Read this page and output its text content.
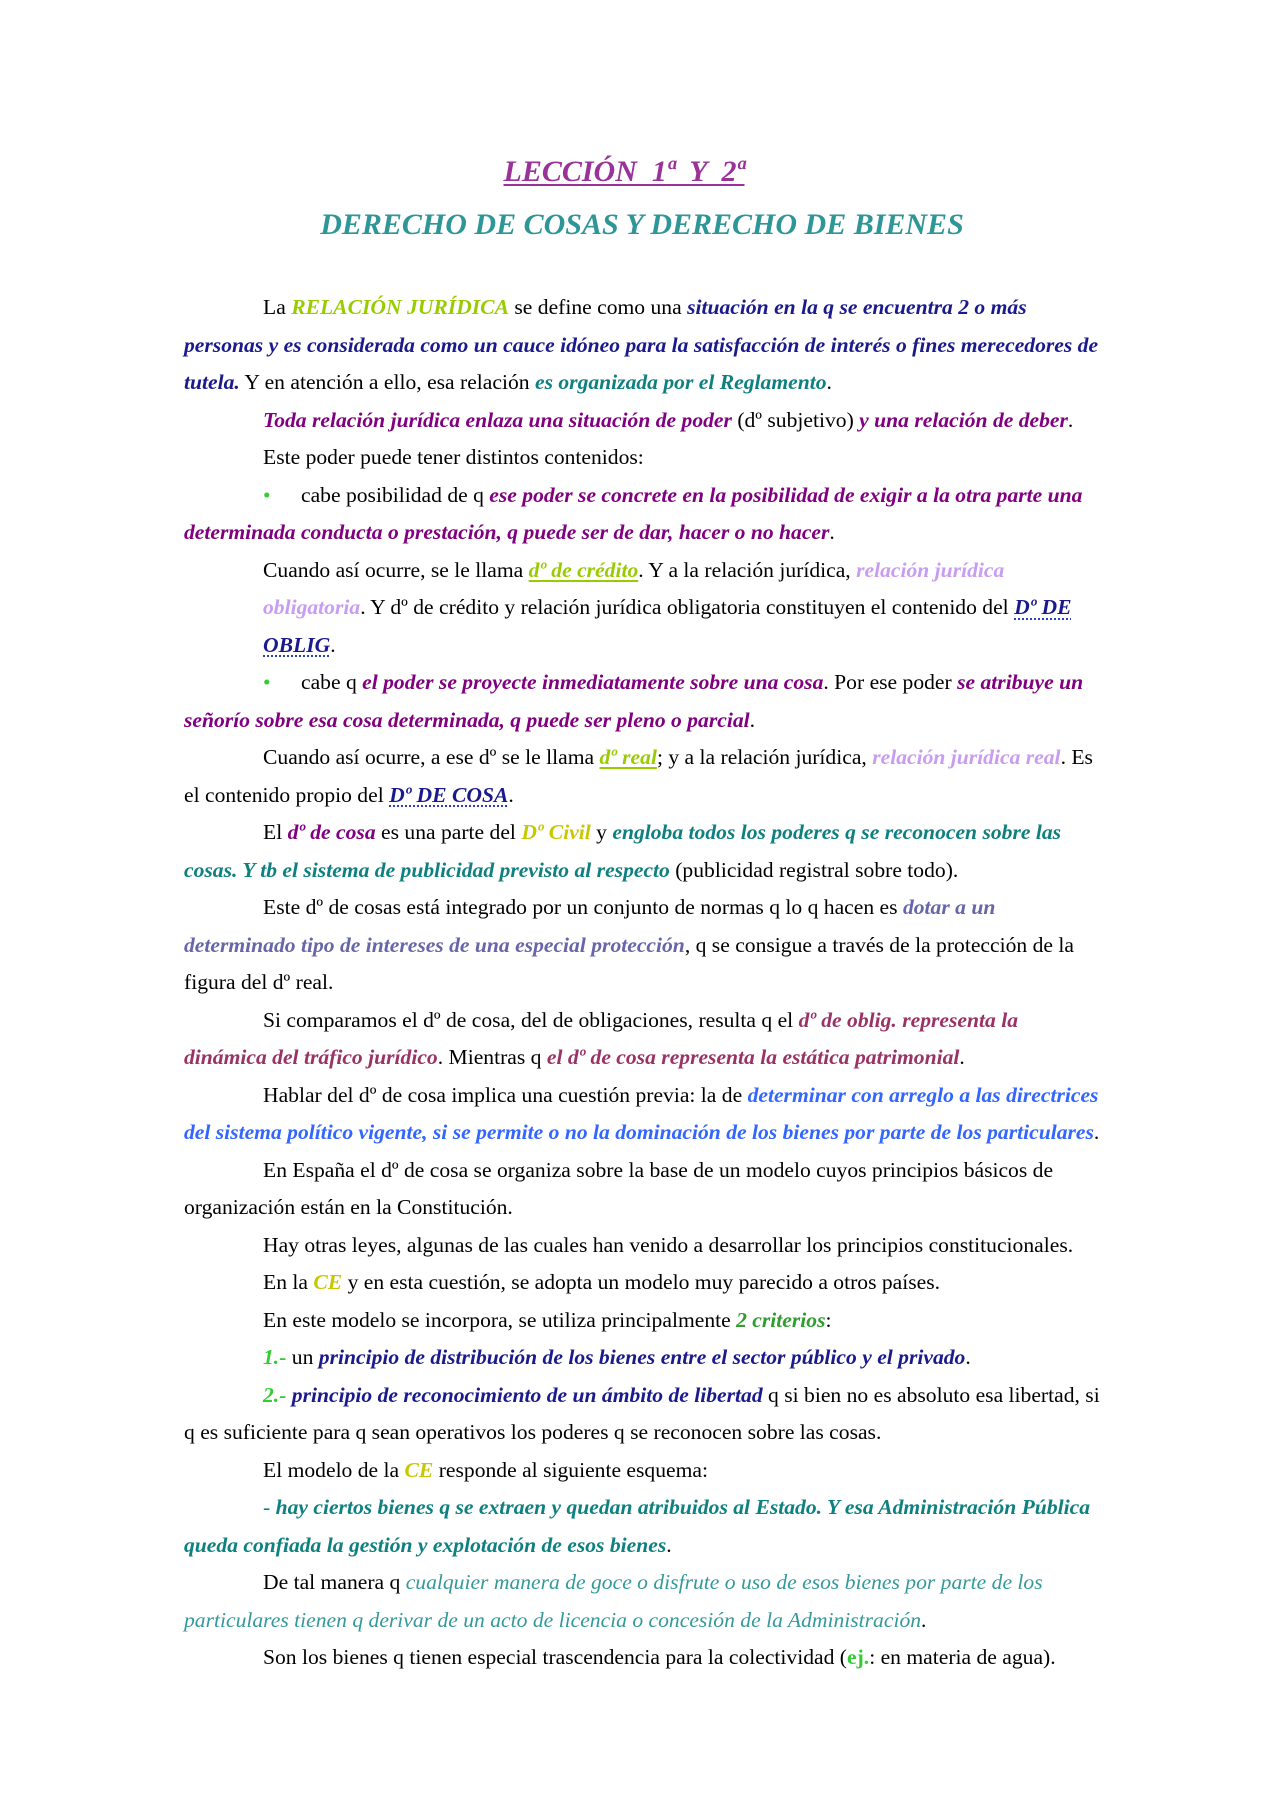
LECCIÓN  1ª  Y  2ª
DERECHO DE COSAS Y DERECHO DE BIENES

La RELACIÓN JURÍDICA se define como una situación en la q se encuentra 2 o más personas y es considerada como un cauce idóneo para la satisfacción de interés o fines merecedores de tutela. Y en atención a ello, esa relación es organizada por el Reglamento.

Toda relación jurídica enlaza una situación de poder (dº subjetivo) y una relación de deber.

Este poder puede tener distintos contenidos:

•cabe posibilidad de q ese poder se concrete en la posibilidad de exigir a la otra parte una determinada conducta o prestación, q puede ser de dar, hacer o no hacer.

Cuando así ocurre, se le llama dº de crédito. Y a la relación jurídica, relación jurídica obligatoria. Y dº de crédito y relación jurídica obligatoria constituyen el contenido del Dº DE OBLIG.

•cabe q el poder se proyecte inmediatamente sobre una cosa. Por ese poder se atribuye un señorío sobre esa cosa determinada, q puede ser pleno o parcial.

Cuando así ocurre, a ese dº se le llama dº real; y a la relación jurídica, relación jurídica real. Es el contenido propio del Dº DE COSA.

El dº de cosa es una parte del Dº Civil y engloba todos los poderes q se reconocen sobre las cosas. Y tb el sistema de publicidad previsto al respecto (publicidad registral sobre todo).

Este dº de cosas está integrado por un conjunto de normas q lo q hacen es dotar a un determinado tipo de intereses de una especial protección, q se consigue a través de la protección de la figura del dº real.

Si comparamos el dº de cosa, del de obligaciones, resulta q el dº de oblig. representa la dinámica del tráfico jurídico. Mientras q el dº de cosa representa la estática patrimonial.

Hablar del dº de cosa implica una cuestión previa: la de determinar con arreglo a las directrices del sistema político vigente, si se permite o no la dominación de los bienes por parte de los particulares.

En España el dº de cosa se organiza sobre la base de un modelo cuyos principios básicos de organización están en la Constitución.

Hay otras leyes, algunas de las cuales han venido a desarrollar los principios constitucionales.

En la CE y en esta cuestión, se adopta un modelo muy parecido a otros países.

En este modelo se incorpora, se utiliza principalmente 2 criterios:

1.- un principio de distribución de los bienes entre el sector público y el privado.

2.- principio de reconocimiento de un ámbito de libertad q si bien no es absoluto esa libertad, si q es suficiente para q sean operativos los poderes q se reconocen sobre las cosas.

El modelo de la CE responde al siguiente esquema:

- hay ciertos bienes q se extraen y quedan atribuidos al Estado. Y esa Administración Pública queda confiada la gestión y explotación de esos bienes.

De tal manera q cualquier manera de goce o disfrute o uso de esos bienes por parte de los particulares tienen q derivar de un acto de licencia o concesión de la Administración.

Son los bienes q tienen especial trascendencia para la colectividad (ej.: en materia de agua).
